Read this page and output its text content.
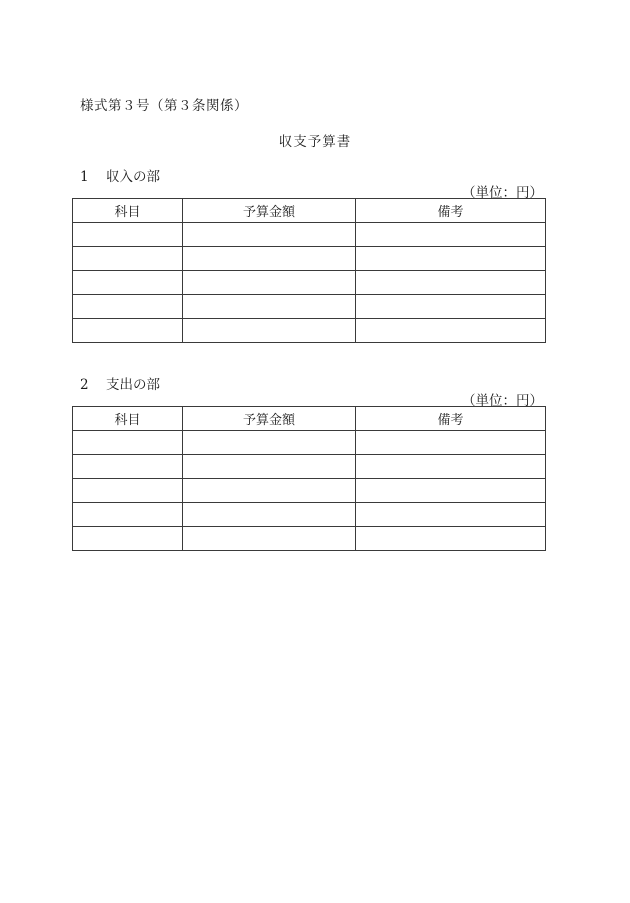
様式第３号（第３条関係）
収支予算書
1 収入の部
（単位：円）
科目	予算金額	備考

2 支出の部
（単位：円）
科目	予算金額	備考
